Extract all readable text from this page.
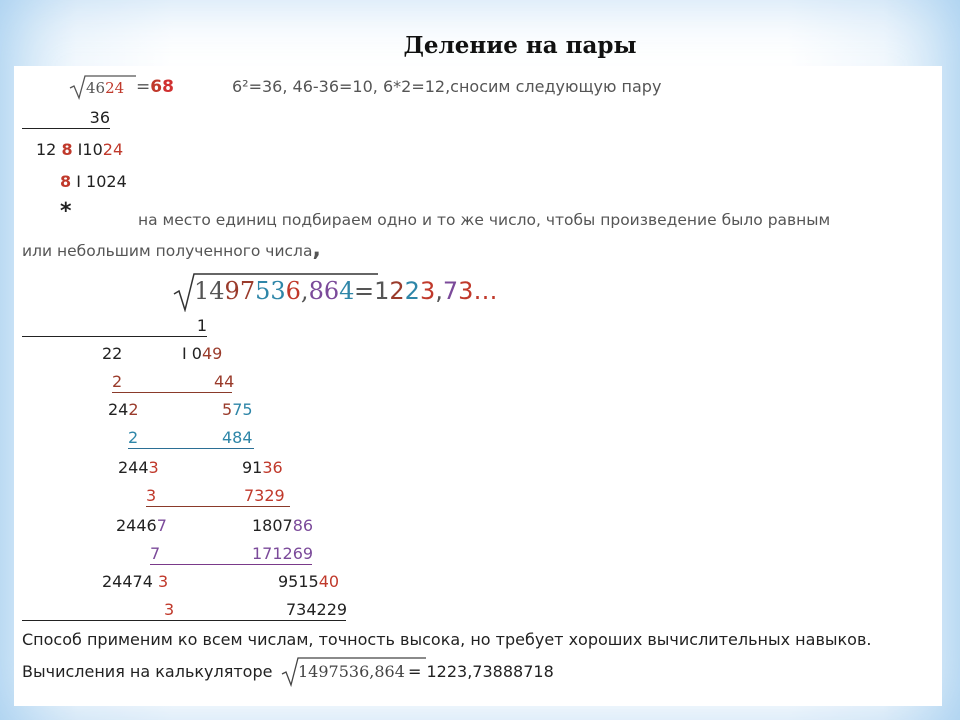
Деление на пары
4624 =68	6²=36, 46-36=10, 6*2=12,сносим следующую пару
36
12 8 I1024
8 I 1024
*	на место единиц подбираем одно и то же число, чтобы произведение было равным
или небольшим полученного числа,
1497536,864 =1223,73…
1
22	I 049
2	44
242	575
2	484
2443	9136
3	7329
24467	180786
7	171269
24474 3	951540
3	734229

Способ применим ко всем числам, точность высока, но требует хороших вычислительных навыков.
Вычисления на калькуляторе 1497536,864 = 1223,73888718
